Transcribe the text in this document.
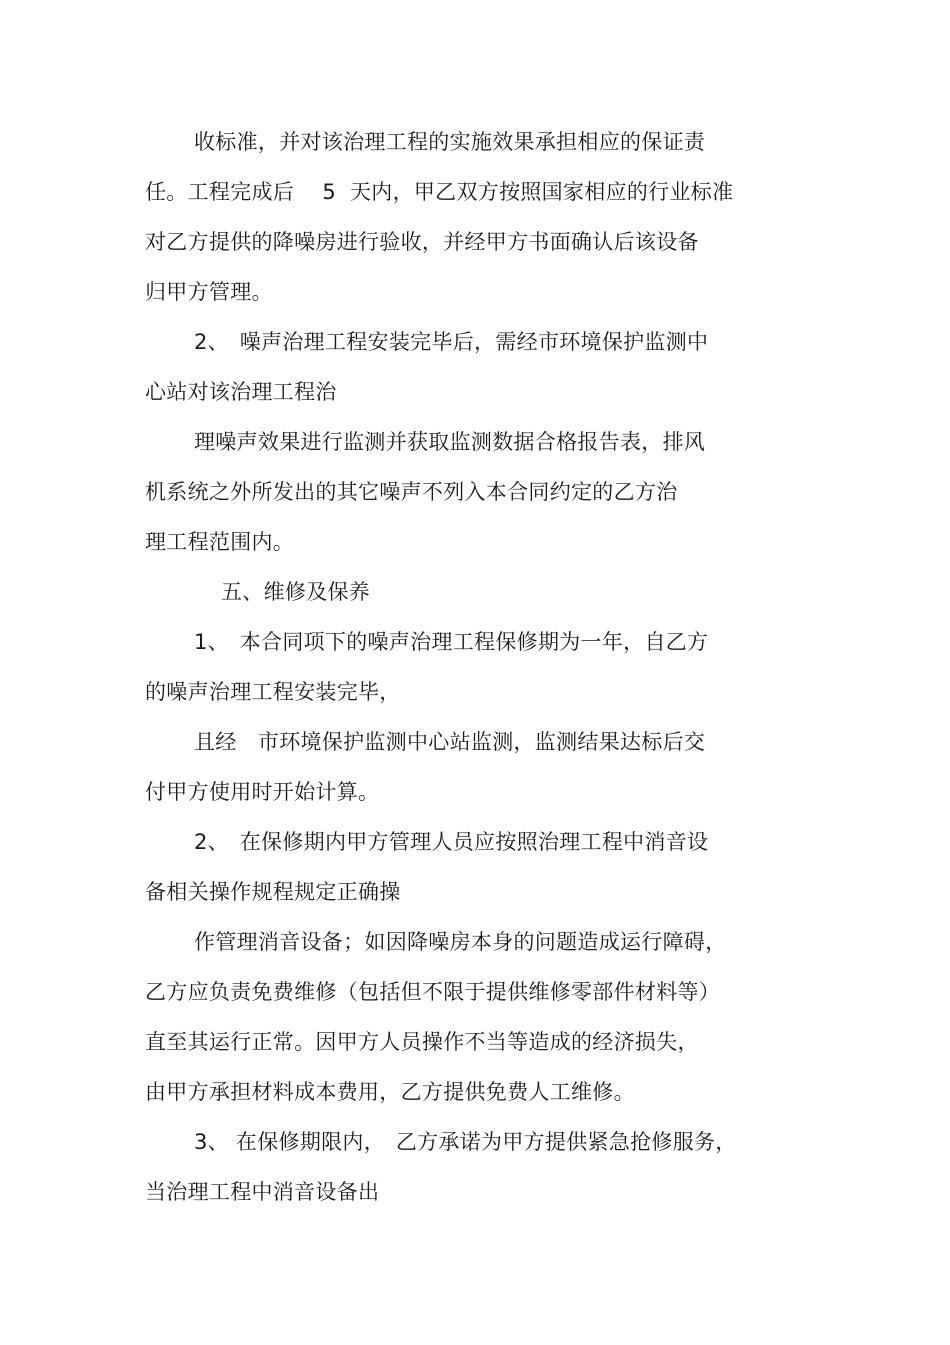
收标准，并对该治理工程的实施效果承担相应的保证责
任。工程完成后　 5  天内，甲乙双方按照国家相应的行业标准
对乙方提供的降噪房进行验收，并经甲方书面确认后该设备
归甲方管理。
2、　噪声治理工程安装完毕后，需经市环境保护监测中
心站对该治理工程治
理噪声效果进行监测并获取监测数据合格报告表，排风
机系统之外所发出的其它噪声不列入本合同约定的乙方治
理工程范围内。
五、维修及保养
1、　本合同项下的噪声治理工程保修期为一年，自乙方
的噪声治理工程安装完毕，
且经　市环境保护监测中心站监测，监测结果达标后交
付甲方使用时开始计算。
2、　在保修期内甲方管理人员应按照治理工程中消音设
备相关操作规程规定正确操
作管理消音设备；如因降噪房本身的问题造成运行障碍，
乙方应负责免费维修（包括但不限于提供维修零部件材料等）
直至其运行正常。因甲方人员操作不当等造成的经济损失，
由甲方承担材料成本费用，乙方提供免费人工维修。
3、 在保修期限内，　乙方承诺为甲方提供紧急抢修服务，
当治理工程中消音设备出
